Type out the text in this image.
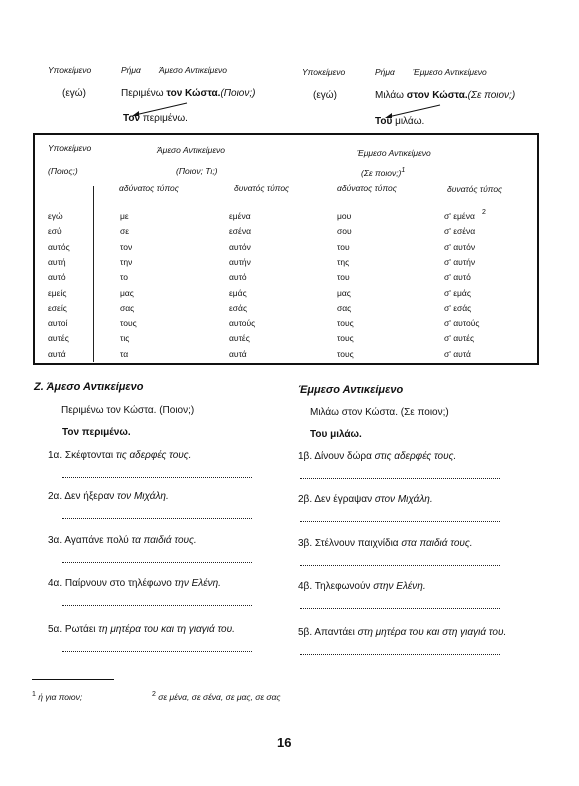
Υποκείμενο	Ρήμα Άμεσο Αντικείμενο
(εγώ)	Περιμένω τον Κώστα.(Ποιον;)
Τον περιμένω.
Υποκείμενο	Ρήμα Έμμεσο Αντικείμενο
(εγώ)	Μιλάω στον Κώστα.(Σε ποιον;)
Του μιλάω.
Υποκείμενο
(Ποιος;)
Άμεσο Αντικείμενο
(Ποιον; Τι;)
Έμμεσο Αντικείμενο
(Σε ποιον;)$^1$
αδύνατος τύπος	δυνατός τύπος	αδύνατος τύπος	δυνατός τύπος
εγώ	με	εμένα	μου	σ' εμένα 2
εσύ	σε	εσένα	σου	σ' εσένα
αυτός	τον	αυτόν	του	σ' αυτόν
αυτή	την	αυτήν	της	σ' αυτήν
αυτό	το	αυτό	του	σ' αυτό
εμείς	μας	εμάς	μας	σ' εμάς
εσείς	σας	εσάς	σας	σ' εσάς
αυτοί	τους	αυτούς	τους	σ' αυτούς
αυτές	τις	αυτές	τους	σ' αυτές
αυτά	τα	αυτά	τους	σ' αυτά
Ζ. Άμεσο Αντικείμενο
Περιμένω τον Κώστα. (Ποιον;)
Τον περιμένω.
Έμμεσο Αντικείμενο
Μιλάω στον Κώστα. (Σε ποιον;)
Του μιλάω.
1α. Σκέφτονται τις αδερφές τους.	1β. Δίνουν δώρα στις αδερφές τους.
2α. Δεν ήξεραν τον Μιχάλη.	2β. Δεν έγραψαν στον Μιχάλη.
3α. Αγαπάνε πολύ τα παιδιά τους.	3β. Στέλνουν παιχνίδια στα παιδιά τους.
4α. Παίρνουν στο τηλέφωνο την Ελένη.	4β. Τηλεφωνούν στην Ελένη.
5α. Ρωτάει τη μητέρα του και τη γιαγιά του.	5β. Απαντάει στη μητέρα του και στη γιαγιά του.
$^1$ ή για ποιον;	$^2$ σε μένα, σε σένα, σε μας, σε σας
16
